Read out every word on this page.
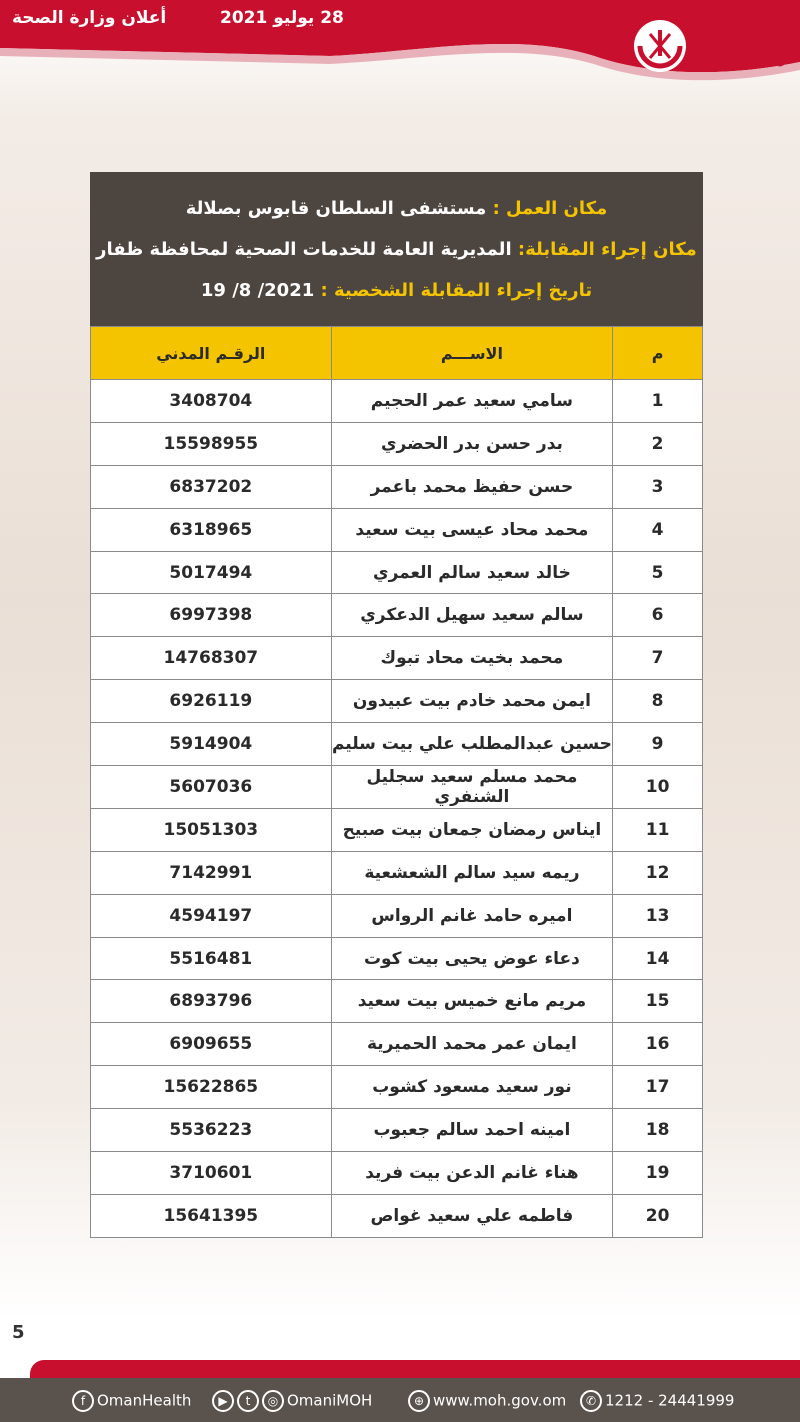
28 يوليو 2021
أعلان وزارة الصحة
سلطنة عمان
وزارة الصحة
مكان العمل : مستشفى السلطان قابوس بصلالة
مكان إجراء المقابلة: المديرية العامة للخدمات الصحية لمحافظة ظفار
تاريخ إجراء المقابلة الشخصية : 19 /8 /2021
م	الاســـم	الرقـم المدني
1	سامي سعيد عمر الحجيم	3408704
2	بدر حسن بدر الحضري	15598955
3	حسن حفيظ محمد باعمر	6837202
4	محمد محاد عيسى بيت سعيد	6318965
5	خالد سعيد سالم العمري	5017494
6	سالم سعيد سهيل الدعكري	6997398
7	محمد بخيت محاد تبوك	14768307
8	ايمن محمد خادم بيت عبيدون	6926119
9	حسين عبدالمطلب علي بيت سليم	5914904
10	محمد مسلم سعيد سجليل الشنفري	5607036
11	ايناس رمضان جمعان بيت صبيح	15051303
12	ريمه سيد سالم الشعشعية	7142991
13	اميره حامد غانم الرواس	4594197
14	دعاء عوض يحيى بيت كوت	5516481
15	مريم مانع خميس بيت سعيد	6893796
16	ايمان عمر محمد الحميرية	6909655
17	نور سعيد مسعود كشوب	15622865
18	امينه احمد سالم جعبوب	5536223
19	هناء غانم الدعن بيت فريد	3710601
20	فاطمه علي سعيد غواص	15641395
5
f OmanHealth	▶ t ◎ OmaniMOH	⊕ www.moh.gov.om	✆ 1212 - 24441999
